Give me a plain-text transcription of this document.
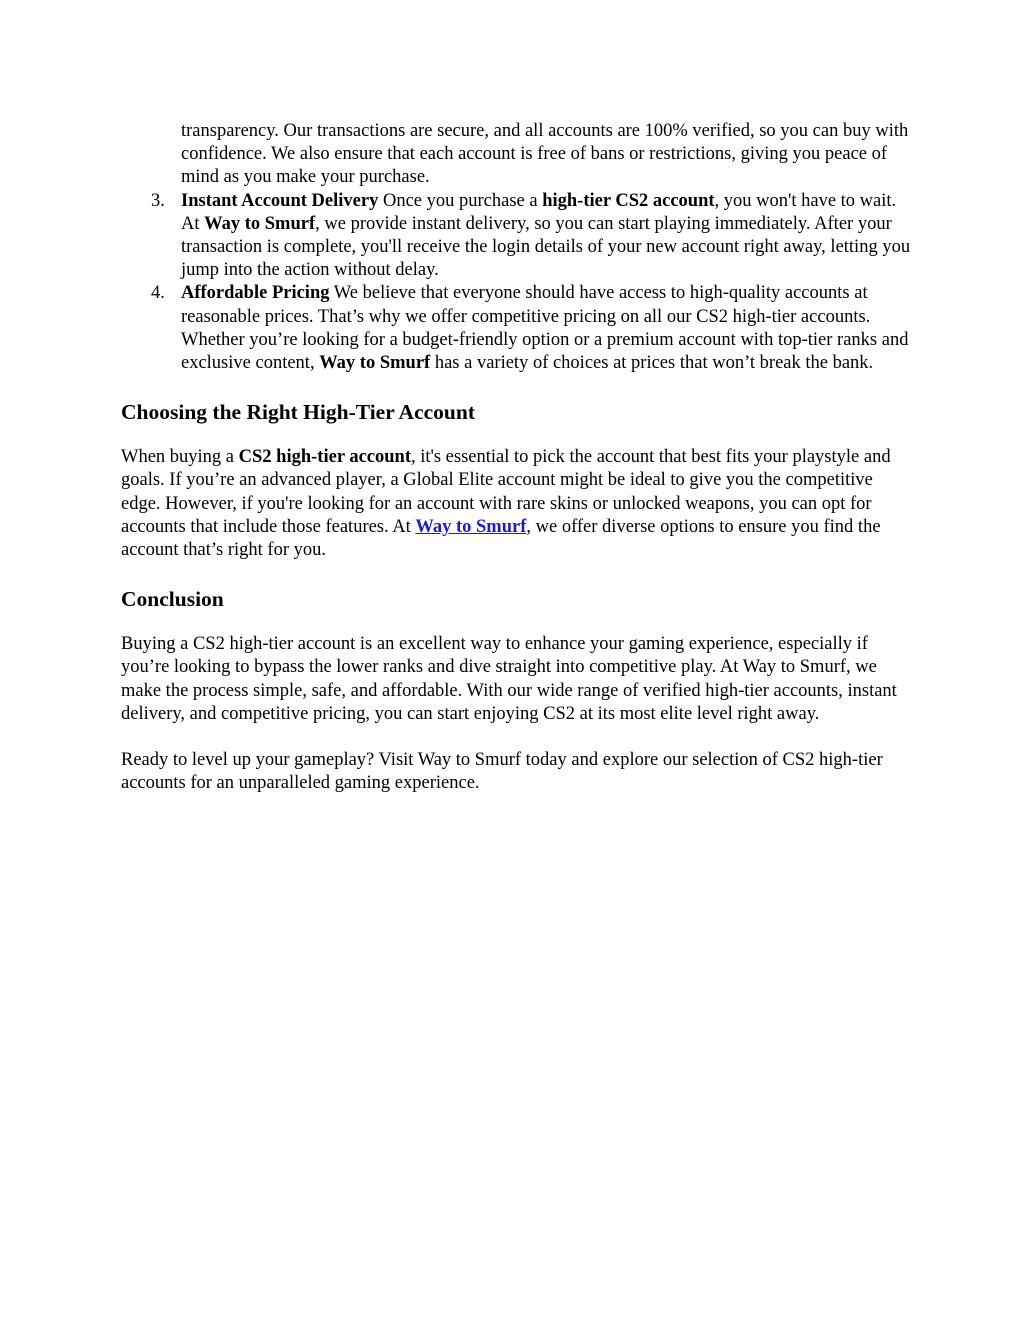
transparency. Our transactions are secure, and all accounts are 100% verified, so you can buy with confidence. We also ensure that each account is free of bans or restrictions, giving you peace of mind as you make your purchase.
3. Instant Account Delivery Once you purchase a high-tier CS2 account, you won't have to wait. At Way to Smurf, we provide instant delivery, so you can start playing immediately. After your transaction is complete, you'll receive the login details of your new account right away, letting you jump into the action without delay.
4. Affordable Pricing We believe that everyone should have access to high-quality accounts at reasonable prices. That’s why we offer competitive pricing on all our CS2 high-tier accounts. Whether you’re looking for a budget-friendly option or a premium account with top-tier ranks and exclusive content, Way to Smurf has a variety of choices at prices that won’t break the bank.
Choosing the Right High-Tier Account

When buying a CS2 high-tier account, it's essential to pick the account that best fits your playstyle and goals. If you’re an advanced player, a Global Elite account might be ideal to give you the competitive edge. However, if you're looking for an account with rare skins or unlocked weapons, you can opt for accounts that include those features. At Way to Smurf, we offer diverse options to ensure you find the account that’s right for you.

Conclusion

Buying a CS2 high-tier account is an excellent way to enhance your gaming experience, especially if you’re looking to bypass the lower ranks and dive straight into competitive play. At Way to Smurf, we make the process simple, safe, and affordable. With our wide range of verified high-tier accounts, instant delivery, and competitive pricing, you can start enjoying CS2 at its most elite level right away.

Ready to level up your gameplay? Visit Way to Smurf today and explore our selection of CS2 high-tier accounts for an unparalleled gaming experience.
